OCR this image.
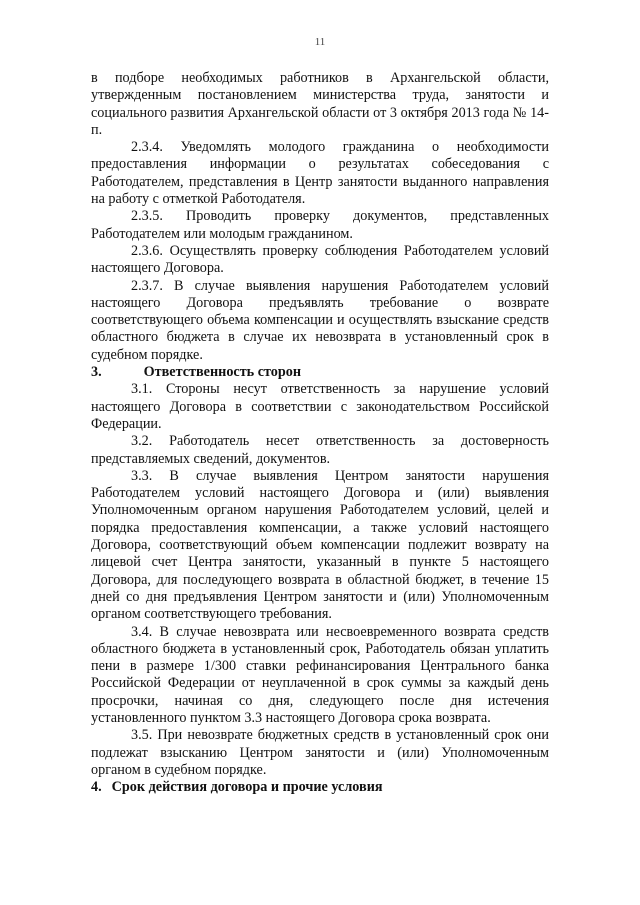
11

в подборе необходимых работников в Архангельской области, утвержденным постановлением министерства труда, занятости и социального развития Архангельской области от 3 октября 2013 года № 14-п.

2.3.4. Уведомлять молодого гражданина о необходимости предоставления информации о результатах собеседования с Работодателем, представления в Центр занятости выданного направления на работу с отметкой Работодателя.

2.3.5. Проводить проверку документов, представленных Работодателем или молодым гражданином.

2.3.6. Осуществлять проверку соблюдения Работодателем условий настоящего Договора.

2.3.7. В случае выявления нарушения Работодателем условий настоящего Договора предъявлять требование о возврате соответствующего объема компенсации и осуществлять взыскание средств областного бюджета в случае их невозврата в установленный срок в судебном порядке.

3.	Ответственность сторон

3.1. Стороны несут ответственность за нарушение условий настоящего Договора в соответствии с законодательством Российской Федерации.

3.2. Работодатель несет ответственность за достоверность представляемых сведений, документов.

3.3. В случае выявления Центром занятости нарушения Работодателем условий настоящего Договора и (или) выявления Уполномоченным органом нарушения Работодателем условий, целей и порядка предоставления компенсации, а также условий настоящего Договора, соответствующий объем компенсации подлежит возврату на лицевой счет Центра занятости, указанный в пункте 5 настоящего Договора, для последующего возврата в областной бюджет, в течение 15 дней со дня предъявления Центром занятости и (или) Уполномоченным органом соответствующего требования.

3.4. В случае невозврата или несвоевременного возврата средств областного бюджета в установленный срок, Работодатель обязан уплатить пени в размере 1/300 ставки рефинансирования Центрального банка Российской Федерации от неуплаченной в срок суммы за каждый день просрочки, начиная со дня, следующего после дня истечения установленного пунктом 3.3 настоящего Договора срока возврата.

3.5. При невозврате бюджетных средств в установленный срок они подлежат взысканию Центром занятости и (или) Уполномоченным органом в судебном порядке.

4. Срок действия договора и прочие условия
